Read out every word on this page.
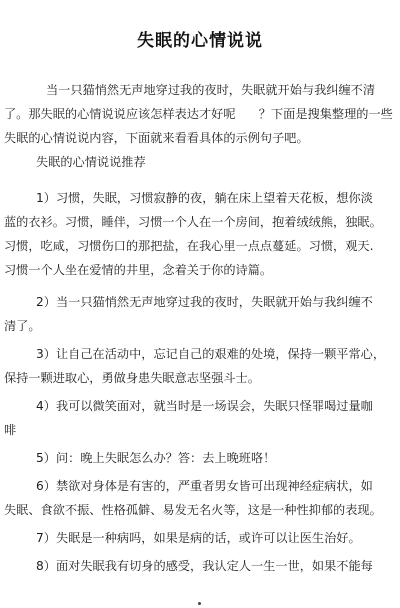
失眠的心情说说

当一只猫悄然无声地穿过我的夜时，失眠就开始与我纠缠不清

了。那失眠的心情说说应该怎样表达才好呢      ？下面是搜集整理的一些

失眠的心情说说内容，下面就来看看具体的示例句子吧。

失眠的心情说说推荐

1）习惯，失眠，习惯寂静的夜，躺在床上望着天花板，想你淡

蓝的衣衫。习惯，睡伴，习惯一个人在一个房间，抱着绒绒熊，独眠。

习惯，吃咸，习惯伤口的那把盐，在我心里一点点蔓延。习惯，观天.

习惯一个人坐在爱情的井里，念着关于你的诗篇。

2）当一只猫悄然无声地穿过我的夜时，失眠就开始与我纠缠不

清了。

3）让自己在活动中，忘记自己的艰难的处境，保持一颗平常心，

保持一颗进取心，勇做身患失眠意志坚强斗士。

4）我可以微笑面对，就当时是一场误会，失眠只怪罪喝过量咖

啡

5）问：晚上失眠怎么办？答：去上晚班咯！

6）禁欲对身体是有害的，严重者男女皆可出现神经症病状，如

失眠、食欲不振、性格孤僻、易发无名火等，这是一种性抑郁的表现。

7）失眠是一种病吗，如果是病的话，或许可以让医生治好。

8）面对失眠我有切身的感受，我认定人一生一世，如果不能每
